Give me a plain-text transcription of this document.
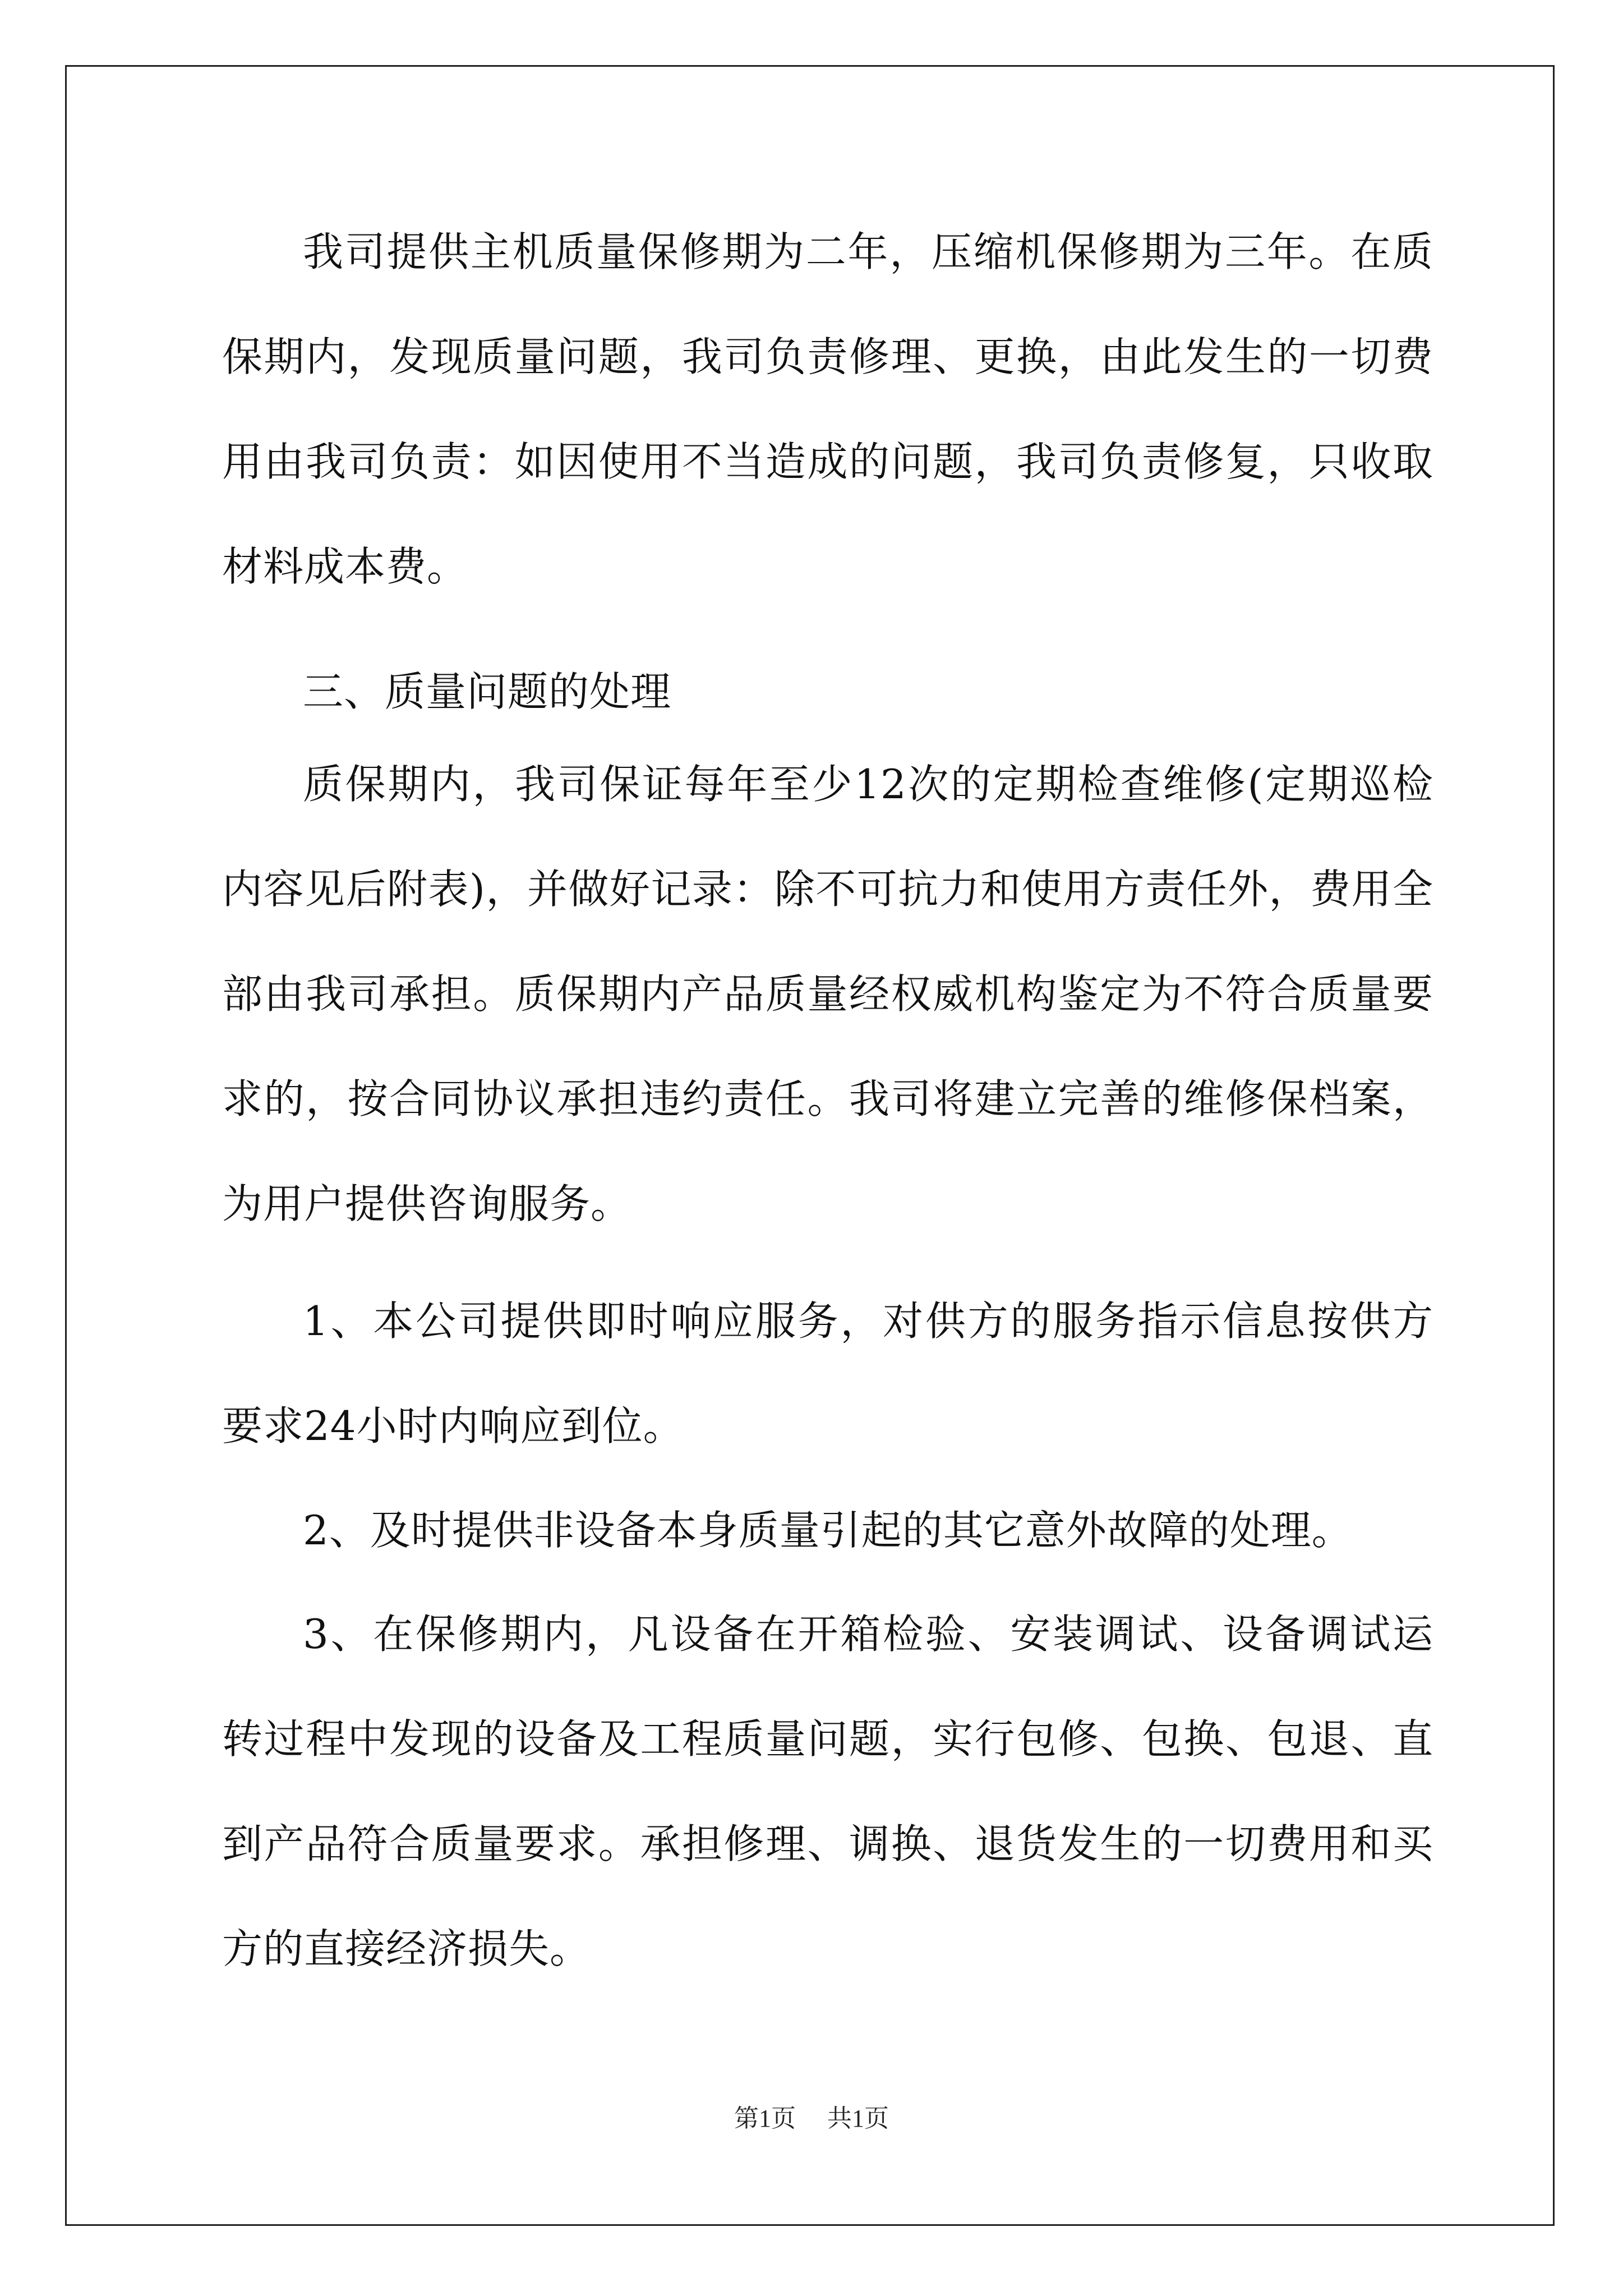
我司提供主机质量保修期为二年，压缩机保修期为三年。在质保期内，发现质量问题，我司负责修理、更换，由此发生的一切费用由我司负责：如因使用不当造成的问题，我司负责修复，只收取材料成本费。

三、质量问题的处理

质保期内，我司保证每年至少12次的定期检查维修(定期巡检内容见后附表)，并做好记录：除不可抗力和使用方责任外，费用全部由我司承担。质保期内产品质量经权威机构鉴定为不符合质量要求的，按合同协议承担违约责任。我司将建立完善的维修保档案，为用户提供咨询服务。

1、本公司提供即时响应服务，对供方的服务指示信息按供方要求24小时内响应到位。

2、及时提供非设备本身质量引起的其它意外故障的处理。

3、在保修期内，凡设备在开箱检验、安装调试、设备调试运转过程中发现的设备及工程质量问题，实行包修、包换、包退、直到产品符合质量要求。承担修理、调换、退货发生的一切费用和买方的直接经济损失。

第1页 共1页
